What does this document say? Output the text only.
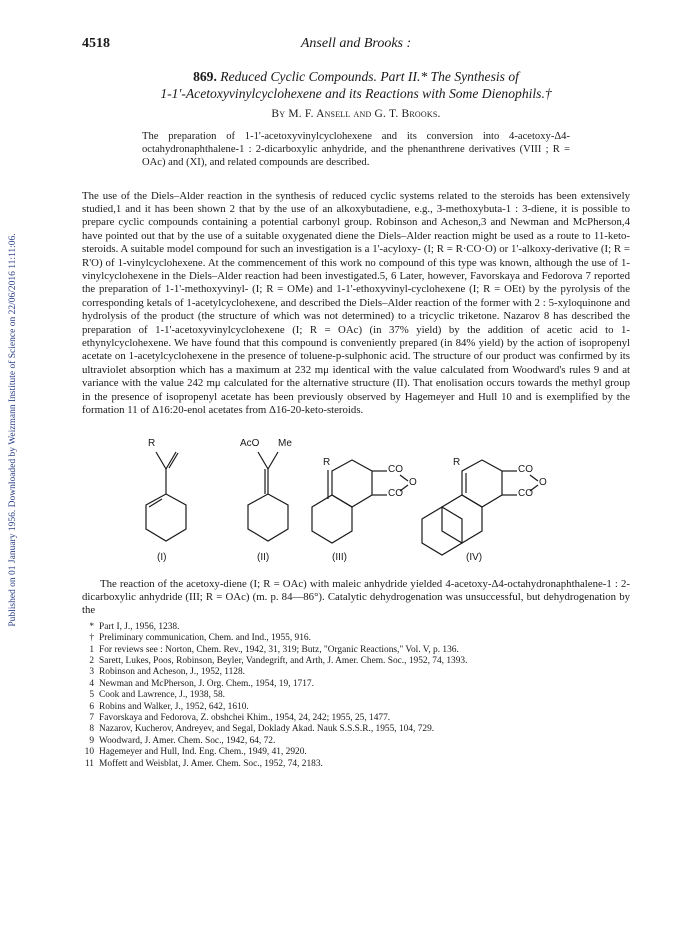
Published on 01 January 1956. Downloaded by Weizmann Institute of Science on 22/06/2016 11:11:06.
4518	Ansell and Brooks :
869. Reduced Cyclic Compounds. Part II.* The Synthesis of
1-1'-Acetoxyvinylcyclohexene and its Reactions with Some Dienophils.†
By M. F. Ansell and G. T. Brooks.
The preparation of 1-1'-acetoxyvinylcyclohexene and its conversion into 4-acetoxy-Δ4-octahydronaphthalene-1 : 2-dicarboxylic anhydride, and the phenanthrene derivatives (VIII ; R = OAc) and (XI), and related compounds are described.

The use of the Diels–Alder reaction in the synthesis of reduced cyclic systems related to the steroids has been extensively studied,1 and it has been shown 2 that by the use of an alkoxybutadiene, e.g., 3-methoxybuta-1 : 3-diene, it is possible to prepare cyclic compounds containing a potential carbonyl group. Robinson and Acheson,3 and Newman and McPherson,4 have pointed out that by the use of a suitable oxygenated diene the Diels–Alder reaction might be used as a route to 11-keto-steroids. A suitable model compound for such an investigation is a 1'-acyloxy- (I; R = R·CO·O) or 1'-alkoxy-derivative (I; R = R'O) of 1-vinylcyclohexene. At the commencement of this work no compound of this type was known, although the use of 1-vinylcyclohexene in the Diels–Alder reaction had been investigated.5, 6 Later, however, Favorskaya and Fedorova 7 reported the preparation of 1-1'-methoxyvinyl- (I; R = OMe) and 1-1'-ethoxyvinyl-cyclohexene (I; R = OEt) by the pyrolysis of the corresponding ketals of 1-acetylcyclohexene, and described the Diels–Alder reaction of the former with 2 : 5-xyloquinone and hydrolysis of the product (the structure of which was not determined) to a tricyclic triketone. Nazarov 8 has described the preparation of 1-1'-acetoxyvinylcyclohexene (I; R = OAc) (in 37% yield) by the addition of acetic acid to 1-ethynylcyclohexene. We have found that this compound is conveniently prepared (in 84% yield) by the action of isopropenyl acetate on 1-acetylcyclohexene in the presence of toluene-p-sulphonic acid. The structure of our product was confirmed by its ultraviolet absorption which has a maximum at 232 mμ identical with the value calculated from Woodward's rules 9 and at variance with the value 242 mμ calculated for the alternative structure (II). That enolisation occurs towards the methyl group in the presence of isopropenyl acetate has been previously observed by Hagemeyer and Hull 10 and is exemplified by the formation 11 of Δ16:20-enol acetates from Δ16-20-keto-steroids.

R	AcO Me
R
CO
O
CO
R
CO
O
CO
(I)	(II)	(III)	(IV)

The reaction of the acetoxy-diene (I; R = OAc) with maleic anhydride yielded 4-acetoxy-Δ4-octahydronaphthalene-1 : 2-dicarboxylic anhydride (III; R = OAc) (m. p. 84—86°). Catalytic dehydrogenation was unsuccessful, but dehydrogenation by the

* Part I, J., 1956, 1238.
† Preliminary communication, Chem. and Ind., 1955, 916.
1 For reviews see : Norton, Chem. Rev., 1942, 31, 319; Butz, "Organic Reactions," Vol. V, p. 136.
2 Sarett, Lukes, Poos, Robinson, Beyler, Vandegrift, and Arth, J. Amer. Chem. Soc., 1952, 74, 1393.
3 Robinson and Acheson, J., 1952, 1128.
4 Newman and McPherson, J. Org. Chem., 1954, 19, 1717.
5 Cook and Lawrence, J., 1938, 58.
6 Robins and Walker, J., 1952, 642, 1610.
7 Favorskaya and Fedorova, Z. obshchei Khim., 1954, 24, 242; 1955, 25, 1477.
8 Nazarov, Kucherov, Andreyev, and Segal, Doklady Akad. Nauk S.S.S.R., 1955, 104, 729.
9 Woodward, J. Amer. Chem. Soc., 1942, 64, 72.
10 Hagemeyer and Hull, Ind. Eng. Chem., 1949, 41, 2920.
11 Moffett and Weisblat, J. Amer. Chem. Soc., 1952, 74, 2183.
